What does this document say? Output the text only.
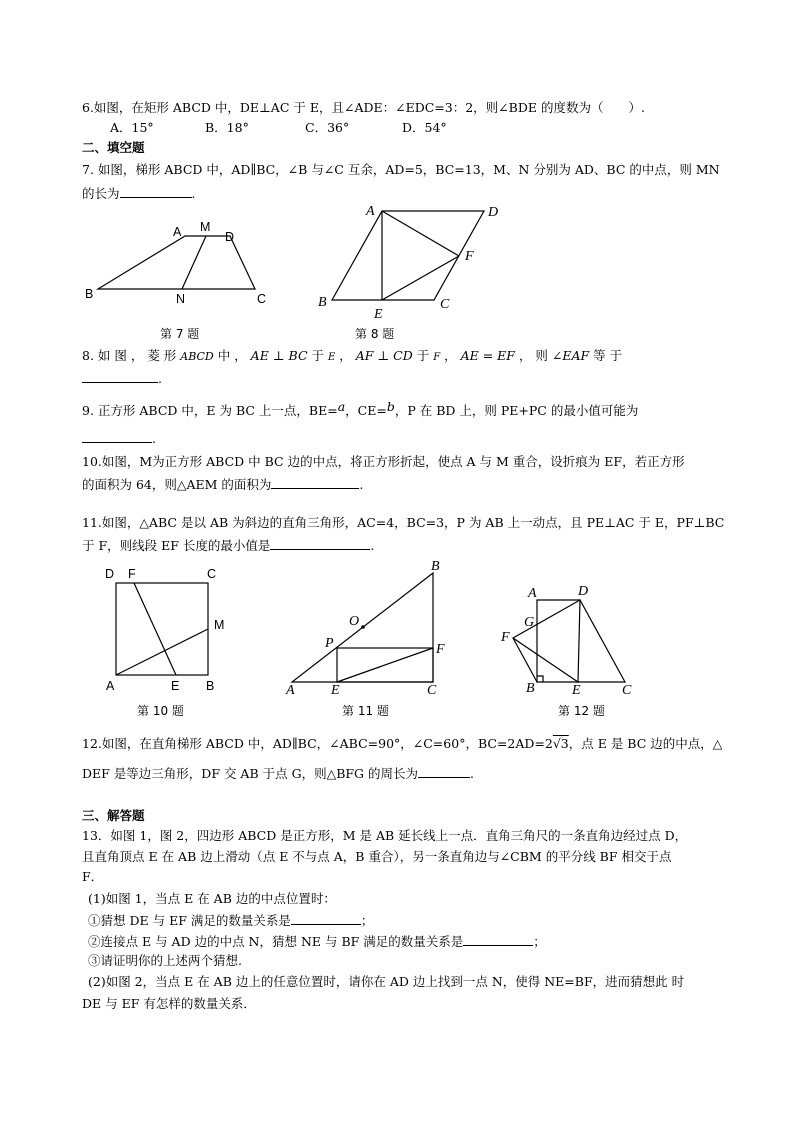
6.如图，在矩形 ABCD 中，DE⊥AC 于 E，且∠ADE：∠EDC=3：2，则∠BDE 的度数为（　　）.
A．15°	B．18°	C．36°	D．54°
二、填空题
7. 如图，梯形 ABCD 中，AD∥BC，∠B 与∠C 互余，AD=5，BC=13，M、N 分别为 AD、BC 的中点，则 MN
的长为	.
A M
D
B	N	C
A	D
F
B
E
C
第 7 题	第 8 题
8. 如 图 ， 菱 形 ABCD 中 ， AE ⊥ BC 于 E ， AF ⊥ CD 于 F ， AE = EF ， 则 ∠EAF 等 于
.
9. 正方形 ABCD 中，E 为 BC 上一点，BE=a，CE=b，P 在 BD 上，则 PE+PC 的最小值可能为
.
10.如图，M为正方形 ABCD 中 BC 边的中点，将正方形折起，使点 A 与 M 重合，设折痕为 EF，若正方形
的面积为 64，则△AEM 的面积为	.
11.如图，△ABC 是以 AB 为斜边的直角三角形，AC=4，BC=3，P 为 AB 上一动点，且 PE⊥AC 于 E，PF⊥BC
于 F，则线段 EF 长度的最小值是	.
D F	C
M
A	E B
B
O
P	F
A	E	C
A	D
G
F
B	E	C
第 10 题	第 11 题	第 12 题
12.如图，在直角梯形 ABCD 中，AD∥BC，∠ABC=90°，∠C=60°，BC=2AD=2√3，点 E 是 BC 边的中点，△
DEF 是等边三角形，DF 交 AB 于点 G，则△BFG 的周长为	.
三、解答题
13．如图 1，图 2，四边形 ABCD 是正方形，M 是 AB 延长线上一点．直角三角尺的一条直角边经过点 D，
且直角顶点 E 在 AB 边上滑动（点 E 不与点 A，B 重合），另一条直角边与∠CBM 的平分线 BF 相交于点
F．
(1)如图 1，当点 E 在 AB 边的中点位置时：
①猜想 DE 与 EF 满足的数量关系是	；
②连接点 E 与 AD 边的中点 N，猜想 NE 与 BF 满足的数量关系是	；
③请证明你的上述两个猜想.
(2)如图 2，当点 E 在 AB 边上的任意位置时，请你在 AD 边上找到一点 N，使得 NE=BF，进而猜想此 时
DE 与 EF 有怎样的数量关系．
